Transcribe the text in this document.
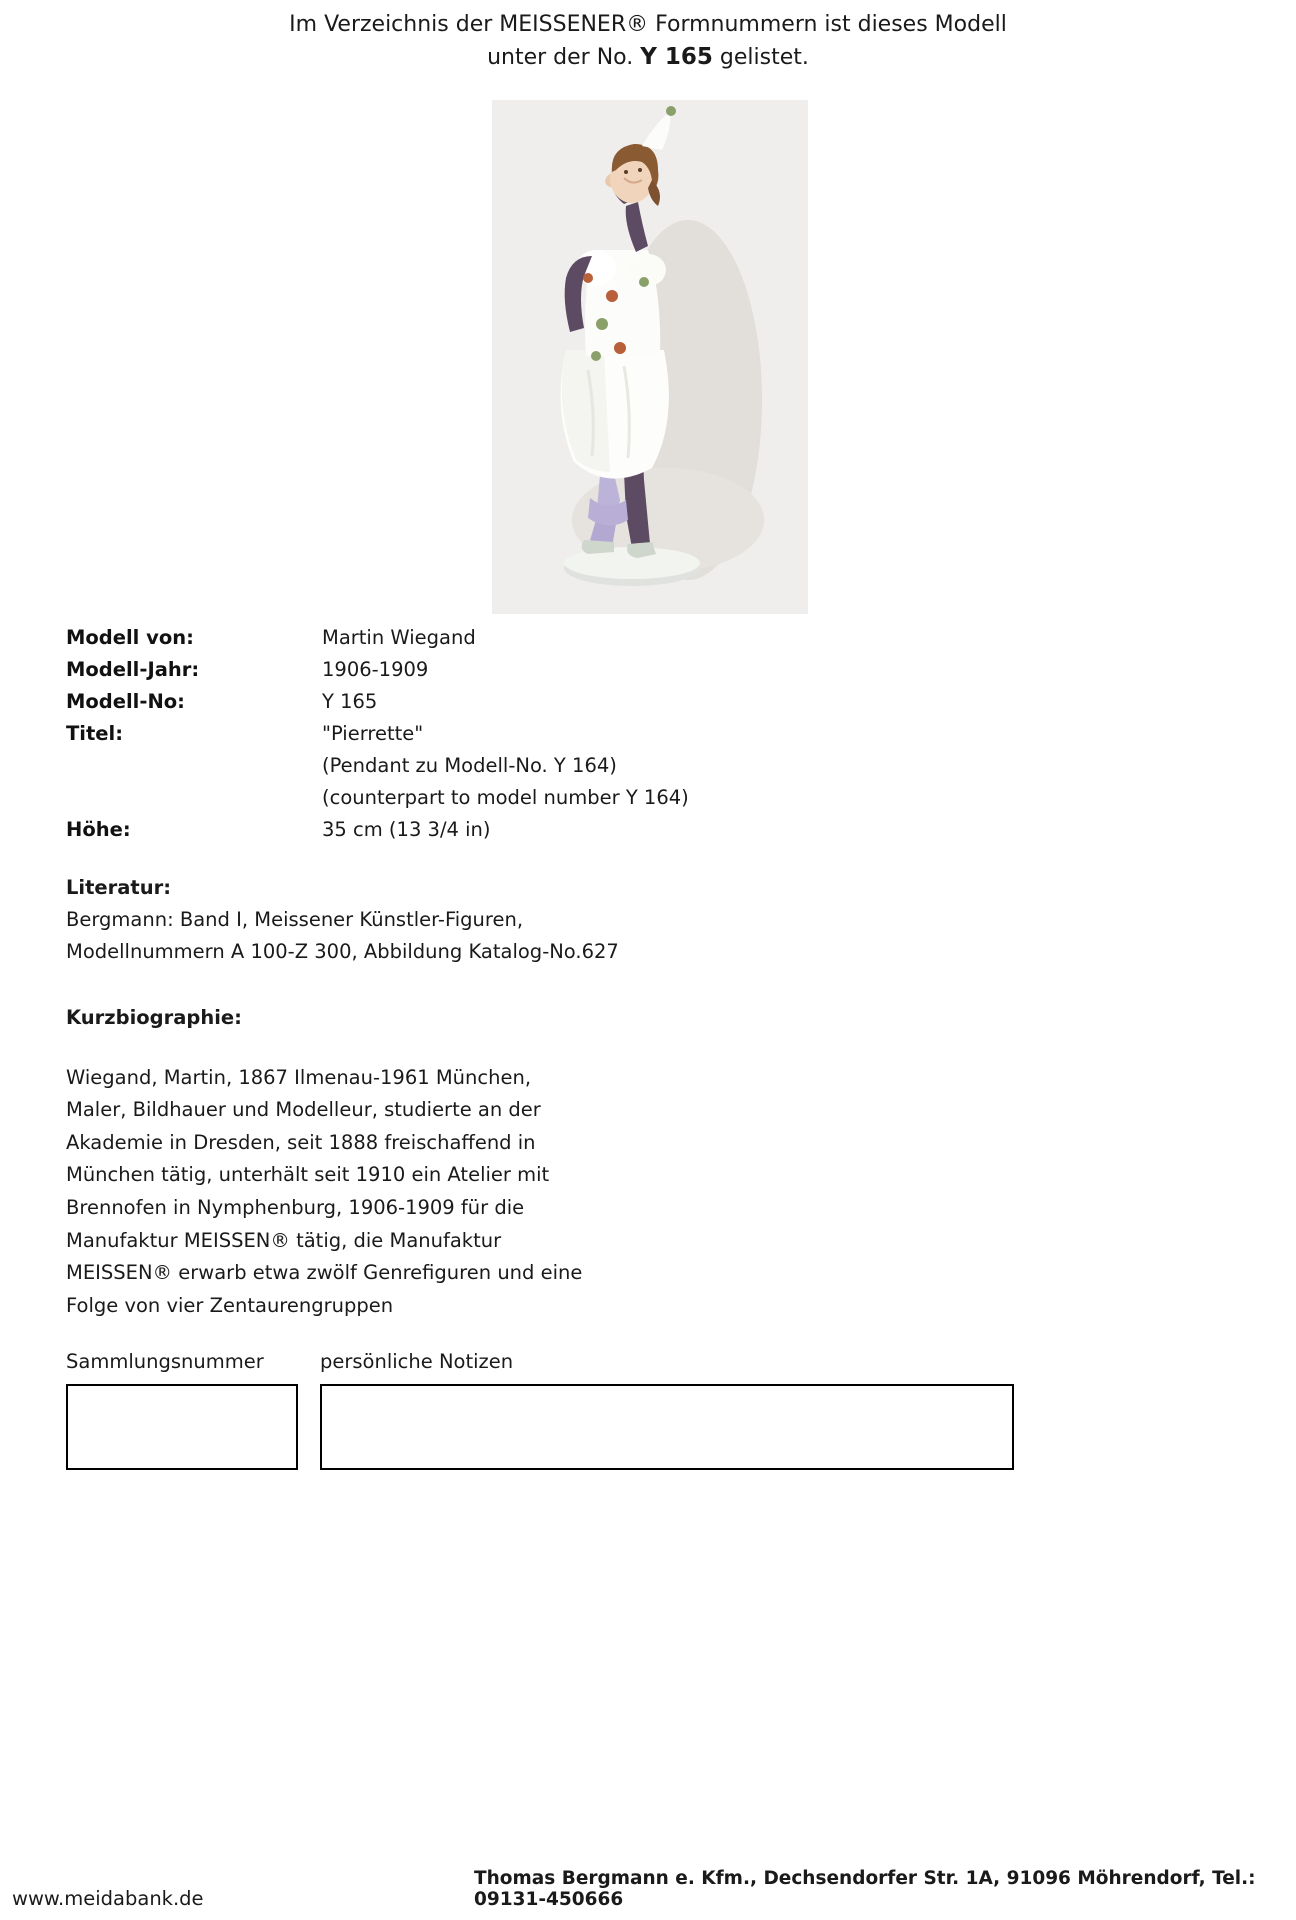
Im Verzeichnis der MEISSENER® Formnummern ist dieses Modell
unter der No. Y 165 gelistet.
Modell von:	Martin Wiegand
Modell-Jahr:	1906-1909
Modell-No:	Y 165
Titel:	"Pierrette"
(Pendant zu Modell-No. Y 164)
(counterpart to model number Y 164)
Höhe:	35 cm (13 3/4 in)
Literatur:
Bergmann: Band I, Meissener Künstler-Figuren,
Modellnummern A 100-Z 300, Abbildung Katalog-No.627
Kurzbiographie:
Wiegand, Martin, 1867 Ilmenau-1961 München,
Maler, Bildhauer und Modelleur, studierte an der
Akademie in Dresden, seit 1888 freischaffend in
München tätig, unterhält seit 1910 ein Atelier mit
Brennofen in Nymphenburg, 1906-1909 für die
Manufaktur MEISSEN® tätig, die Manufaktur
MEISSEN® erwarb etwa zwölf Genrefiguren und eine
Folge von vier Zentaurengruppen
Sammlungsnummer	persönliche Notizen
www.meidabank.de
Thomas Bergmann e. Kfm., Dechsendorfer Str. 1A, 91096 Möhrendorf, Tel.: 09131-450666
